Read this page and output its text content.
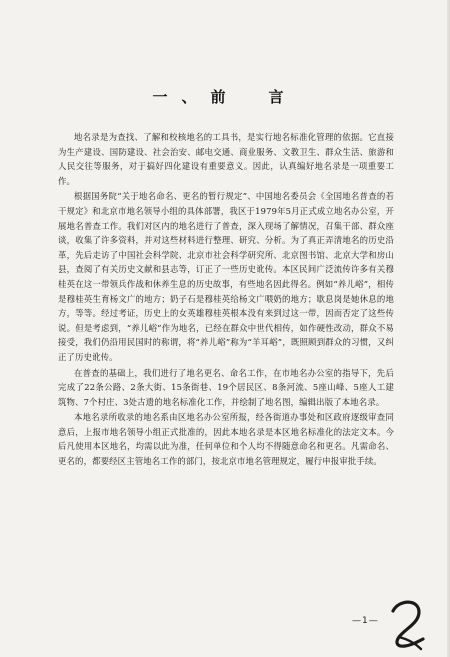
一、前　言

地名录是为查找、了解和校核地名的工具书，是实行地名标准化管理的依据。它直接为生产建设、国防建设、社会治安、邮电交通、商业服务、文教卫生、群众生活、旅游和人民交往等服务，对于搞好四化建设有重要意义。因此，认真编好地名录是一项重要工作。

根据国务院“关于地名命名、更名的暂行规定”、中国地名委员会《全国地名普查的若干规定》和北京市地名领导小组的具体部署，我区于1979年5月正式成立地名办公室，开展地名普查工作。我们对区内的地名进行了普查，深入现场了解情况，召集干部、群众座谈，收集了许多资料，并对这些材料进行整理、研究、分析。为了真正弄清地名的历史沿革，先后走访了中国社会科学院、北京市社会科学研究所、北京图书馆、北京大学和房山县，查阅了有关历史文献和县志等，订正了一些历史讹传。本区民间广泛流传许多有关穆桂英在这一带领兵作战和休养生息的历史故事，有些地名因此得名。例如“养儿峪”，相传是穆桂英生育杨文广的地方；奶子石是穆桂英给杨文广喂奶的地方；歇息岗是她休息的地方，等等。经过考证，历史上的女英雄穆桂英根本没有来到过这一带，因而否定了这些传说。但是考虑到，“养儿峪”作为地名，已经在群众中世代相传，如作硬性改动，群众不易接受，我们仍沿用民国时的称谓，将“养儿峪”称为“羊耳峪”，既照顾到群众的习惯，又纠正了历史讹传。

在普查的基础上，我们进行了地名更名、命名工作，在市地名办公室的指导下，先后完成了22条公路、2条大街、15条街巷、19个居民区、8条河流、5座山峰、5座人工建筑物、7个村庄、3处古遗的地名标准化工作，并绘制了地名图，编辑出版了本地名录。

本地名录所收录的地名系由区地名办公室所报，经各街道办事处和区政府逐级审查同意后，上报市地名领导小组正式批准的，因此本地名录是本区地名标准化的法定文本。今后凡使用本区地名，均需以此为准，任何单位和个人均不得随意命名和更名。凡需命名、更名的，都要经区主管地名工作的部门，按北京市地名管理规定，履行申报审批手续。

—1—
